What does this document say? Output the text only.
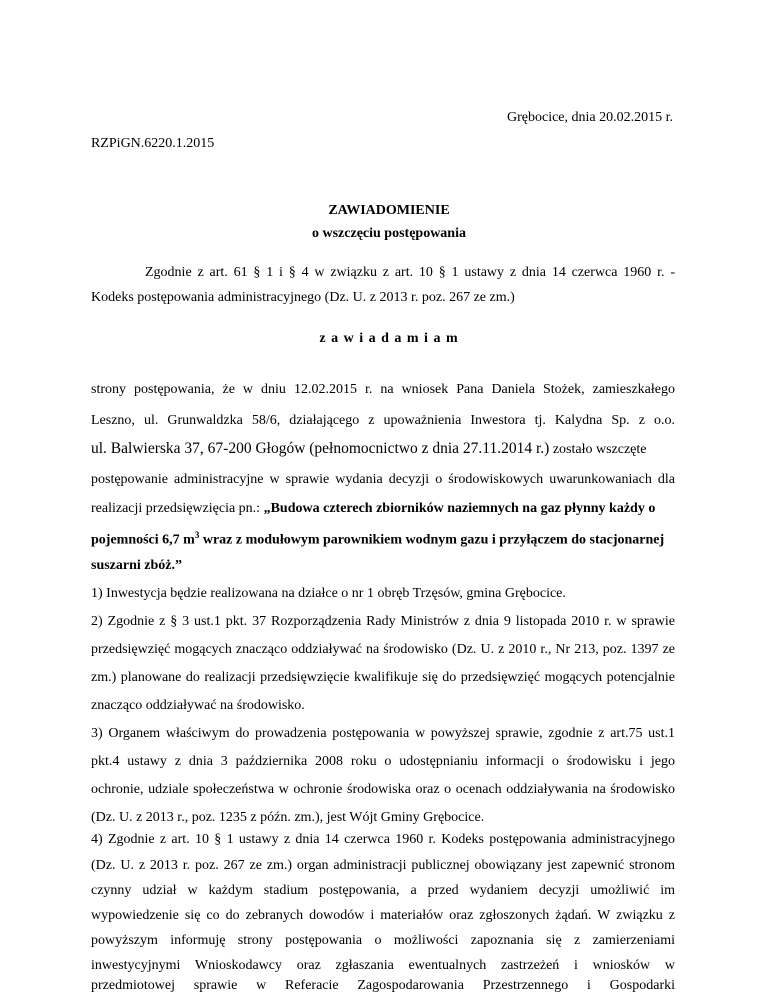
Grębocice, dnia 20.02.2015 r.
RZPiGN.6220.1.2015
ZAWIADOMIENIE
o wszczęciu postępowania
Zgodnie z art. 61 § 1 i § 4 w związku z art. 10 § 1 ustawy z dnia 14 czerwca 1960 r. -
Kodeks postępowania administracyjnego (Dz. U. z 2013 r. poz. 267 ze zm.)
z a w i a d a m i a m
strony postępowania, że w dniu 12.02.2015 r. na wniosek Pana Daniela Stożek, zamieszkałego
Leszno, ul. Grunwaldzka 58/6, działającego z upoważnienia Inwestora tj. Kalydna Sp. z o.o.
ul. Balwierska 37, 67-200 Głogów (pełnomocnictwo z dnia 27.11.2014 r.) zostało wszczęte
postępowanie administracyjne w sprawie wydania decyzji o środowiskowych uwarunkowaniach dla
realizacji przedsięwzięcia pn.: „Budowa czterech zbiorników naziemnych na gaz płynny każdy o
pojemności 6,7 $m^3$ wraz z modułowym parownikiem wodnym gazu i przyłączem do stacjonarnej
suszarni zbóż.”
1) Inwestycja będzie realizowana na działce o nr 1 obręb Trzęsów, gmina Grębocice.
2) Zgodnie z § 3 ust.1 pkt. 37 Rozporządzenia Rady Ministrów z dnia 9 listopada 2010 r. w sprawie
przedsięwzięć mogących znacząco oddziaływać na środowisko (Dz. U. z 2010 r., Nr 213, poz. 1397 ze
zm.) planowane do realizacji przedsięwzięcie kwalifikuje się do przedsięwzięć mogących potencjalnie
znacząco oddziaływać na środowisko.
3) Organem właściwym do prowadzenia postępowania w powyższej sprawie, zgodnie z art.75 ust.1
pkt.4 ustawy z dnia 3 października 2008 roku o udostępnianiu informacji o środowisku i jego
ochronie, udziale społeczeństwa w ochronie środowiska oraz o ocenach oddziaływania na środowisko
(Dz. U. z 2013 r., poz. 1235 z późn. zm.), jest Wójt Gminy Grębocice.
4) Zgodnie z art. 10 § 1 ustawy z dnia 14 czerwca 1960 r. Kodeks postępowania administracyjnego
(Dz. U. z 2013 r. poz. 267 ze zm.) organ administracji publicznej obowiązany jest zapewnić stronom
czynny udział w każdym stadium postępowania, a przed wydaniem decyzji umożliwić im
wypowiedzenie się co do zebranych dowodów i materiałów oraz zgłoszonych żądań. W związku z
powyższym informuję strony postępowania o możliwości zapoznania się z zamierzeniami
inwestycyjnymi Wnioskodawcy oraz zgłaszania ewentualnych zastrzeżeń i wniosków w
przedmiotowej sprawie w Referacie Zagospodarowania Przestrzennego i Gospodarki
